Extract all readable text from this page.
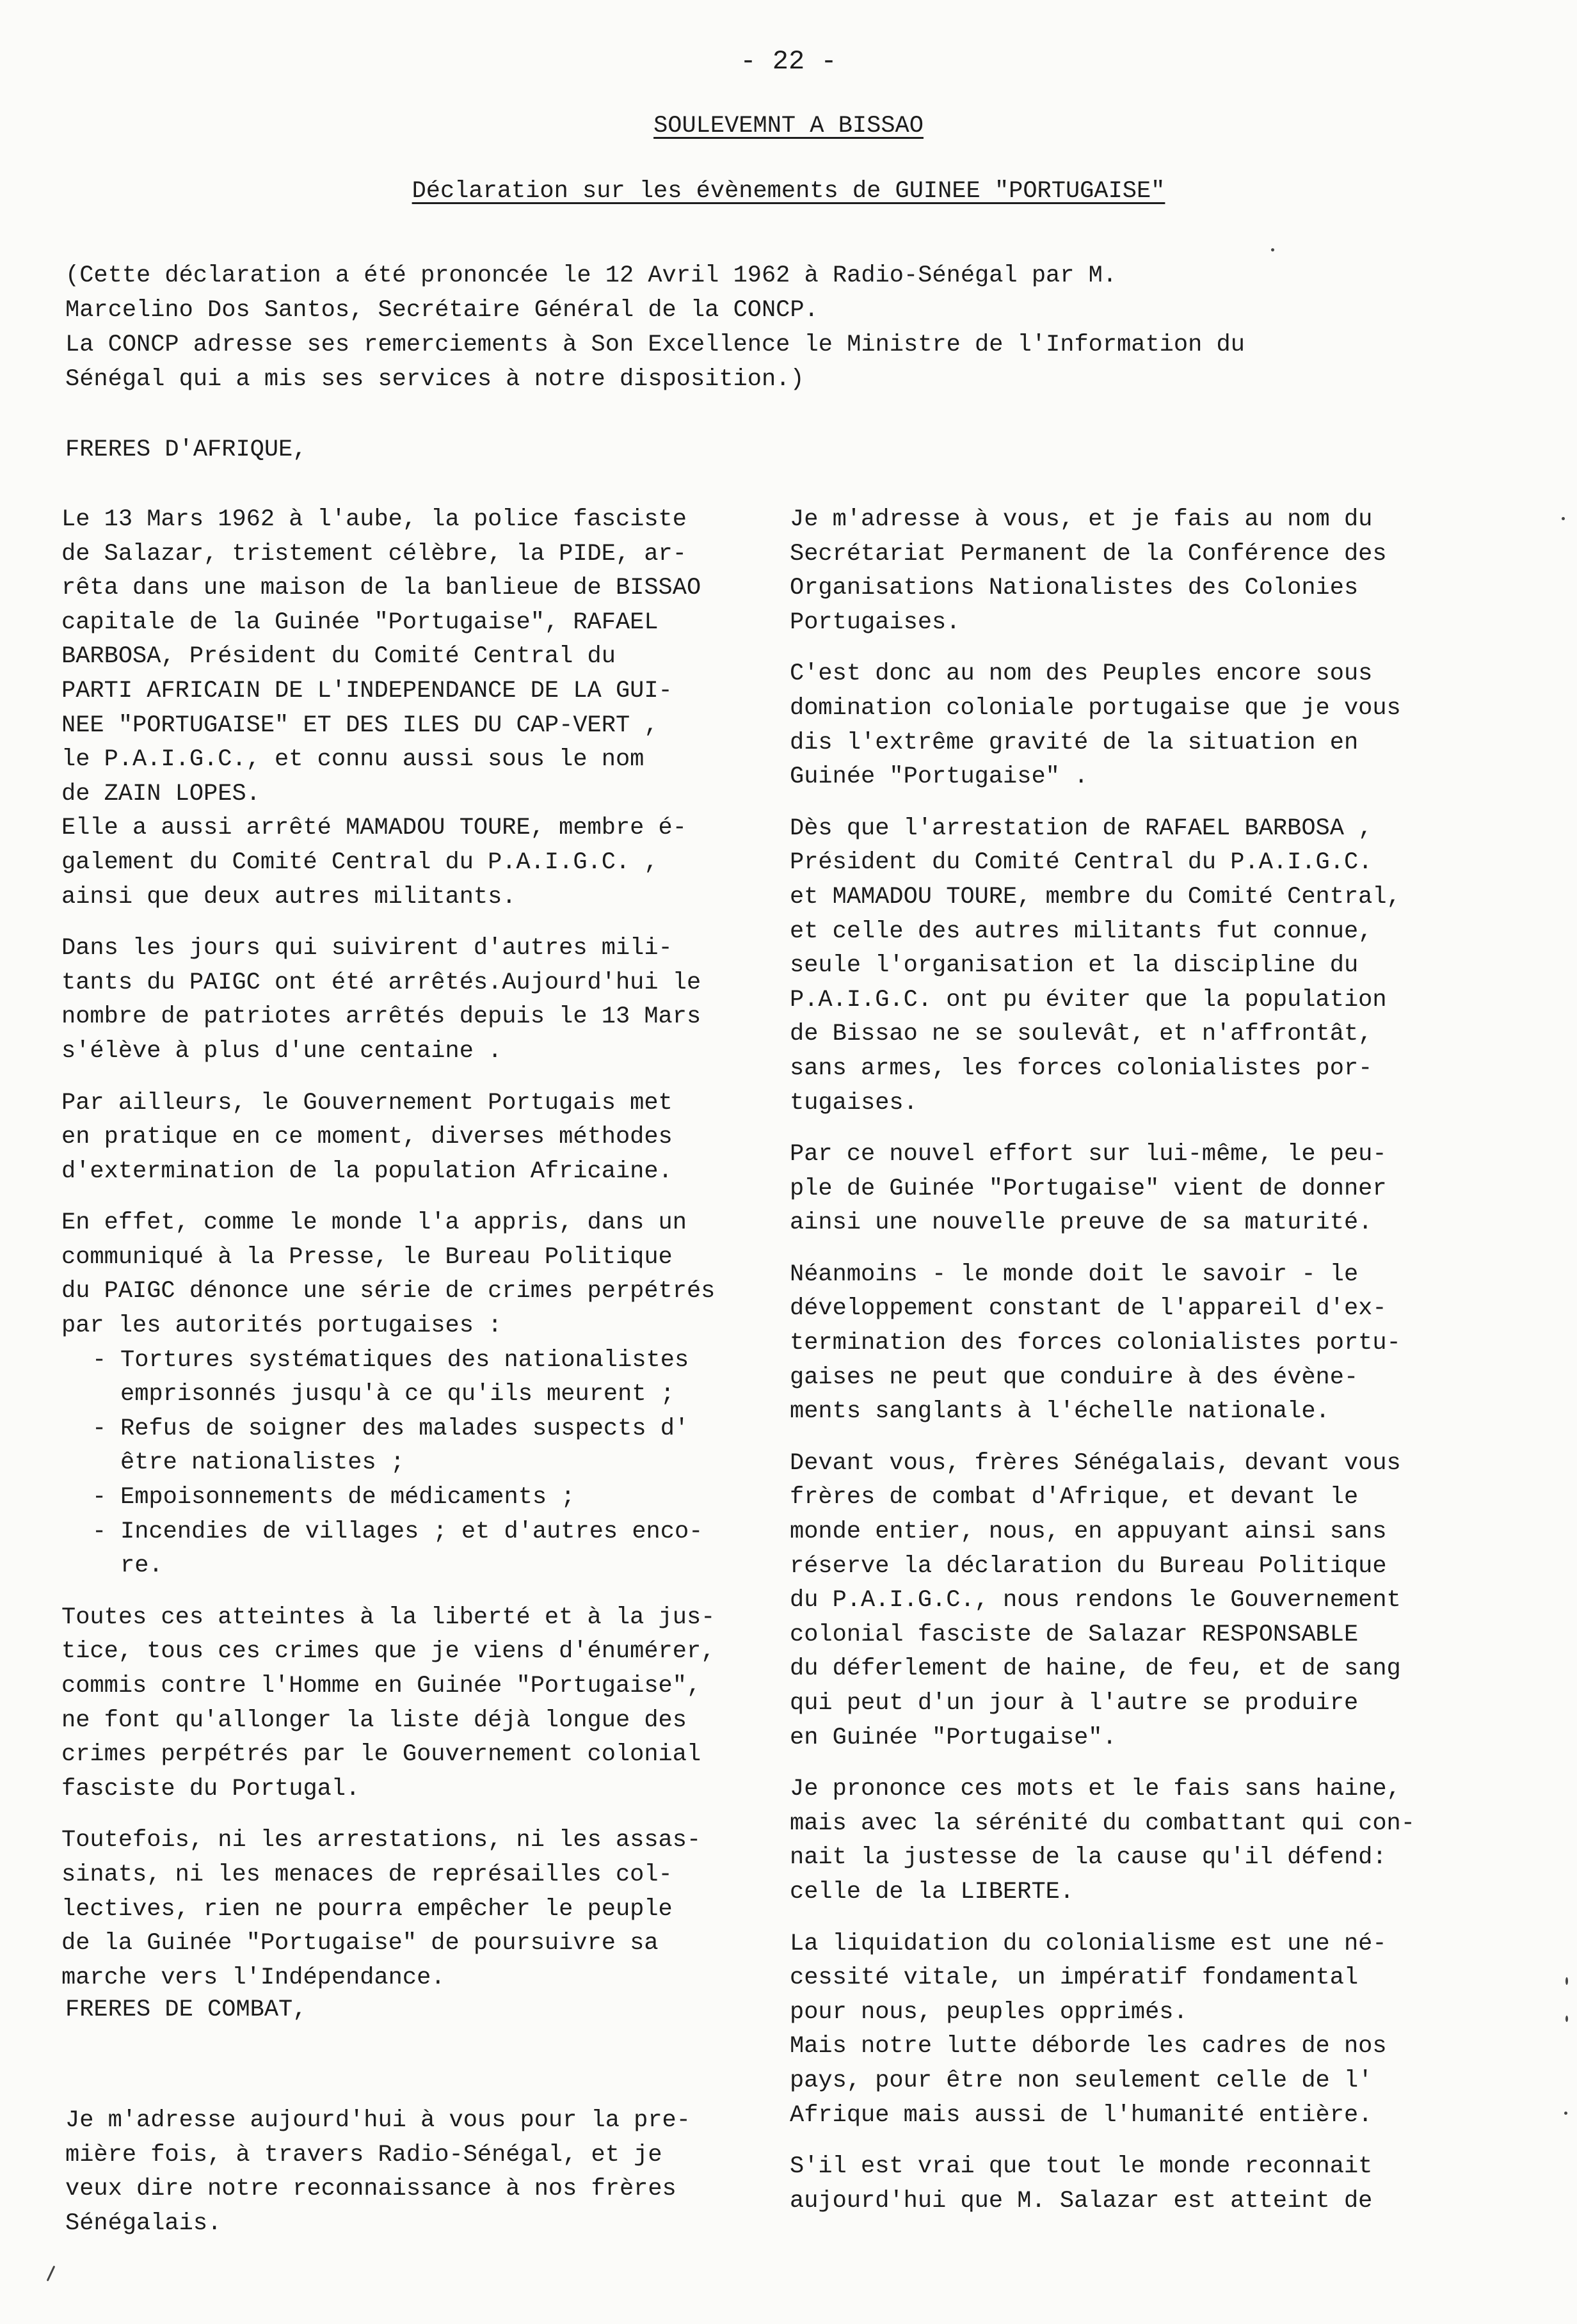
- 22 -
SOULEVEMNT A BISSAO
Déclaration sur les évènements de GUINEE "PORTUGAISE"
(Cette déclaration a été prononcée le 12 Avril 1962 à Radio-Sénégal par M.
Marcelino Dos Santos, Secrétaire Général de la CONCP.
La CONCP adresse ses remerciements à Son Excellence le Ministre de l'Information du
Sénégal qui a mis ses services à notre disposition.)
FRERES D'AFRIQUE,

Le 13 Mars 1962 à l'aube, la police fasciste
de Salazar, tristement célèbre, la PIDE, ar-
rêta dans une maison de la banlieue de BISSAO
capitale de la Guinée "Portugaise", RAFAEL
BARBOSA, Président du Comité Central du
PARTI AFRICAIN DE L'INDEPENDANCE DE LA GUI-
NEE "PORTUGAISE" ET DES ILES DU CAP-VERT ,
le P.A.I.G.C., et connu aussi sous le nom
de ZAIN LOPES.
Elle a aussi arrêté MAMADOU TOURE, membre é-
galement du Comité Central du P.A.I.G.C. ,
ainsi que deux autres militants.

Dans les jours qui suivirent d'autres mili-
tants du PAIGC ont été arrêtés.Aujourd'hui le
nombre de patriotes arrêtés depuis le 13 Mars
s'élève à plus d'une centaine .

Par ailleurs, le Gouvernement Portugais met
en pratique en ce moment, diverses méthodes
d'extermination de la population Africaine.

En effet, comme le monde l'a appris, dans un
communiqué à la Presse, le Bureau Politique
du PAIGC dénonce une série de crimes perpétrés
par les autorités portugaises :

- Tortures systématiques des nationalistes
emprisonnés jusqu'à ce qu'ils meurent ;
- Refus de soigner des malades suspects d'
être nationalistes ;
- Empoisonnements de médicaments ;
- Incendies de villages ; et d'autres enco-
re.

Toutes ces atteintes à la liberté et à la jus-
tice, tous ces crimes que je viens d'énumérer,
commis contre l'Homme en Guinée "Portugaise",
ne font qu'allonger la liste déjà longue des
crimes perpétrés par le Gouvernement colonial
fasciste du Portugal.

Toutefois, ni les arrestations, ni les assas-
sinats, ni les menaces de représailles col-
lectives, rien ne pourra empêcher le peuple
de la Guinée "Portugaise" de poursuivre sa
marche vers l'Indépendance.

FRERES DE COMBAT,
Je m'adresse aujourd'hui à vous pour la pre-
mière fois, à travers Radio-Sénégal, et je
veux dire notre reconnaissance à nos frères
Sénégalais.

Je m'adresse à vous, et je fais au nom du
Secrétariat Permanent de la Conférence des
Organisations Nationalistes des Colonies
Portugaises.

C'est donc au nom des Peuples encore sous
domination coloniale portugaise que je vous
dis l'extrême gravité de la situation en
Guinée "Portugaise" .

Dès que l'arrestation de RAFAEL BARBOSA ,
Président du Comité Central du P.A.I.G.C.
et MAMADOU TOURE, membre du Comité Central,
et celle des autres militants fut connue,
seule l'organisation et la discipline du
P.A.I.G.C. ont pu éviter que la population
de Bissao ne se soulevât, et n'affrontât,
sans armes, les forces colonialistes por-
tugaises.

Par ce nouvel effort sur lui-même, le peu-
ple de Guinée "Portugaise" vient de donner
ainsi une nouvelle preuve de sa maturité.

Néanmoins - le monde doit le savoir - le
développement constant de l'appareil d'ex-
termination des forces colonialistes portu-
gaises ne peut que conduire à des évène-
ments sanglants à l'échelle nationale.

Devant vous, frères Sénégalais, devant vous
frères de combat d'Afrique, et devant le
monde entier, nous, en appuyant ainsi sans
réserve la déclaration du Bureau Politique
du P.A.I.G.C., nous rendons le Gouvernement
colonial fasciste de Salazar RESPONSABLE
du déferlement de haine, de feu, et de sang
qui peut d'un jour à l'autre se produire
en Guinée "Portugaise".

Je prononce ces mots et le fais sans haine,
mais avec la sérénité du combattant qui con-
nait la justesse de la cause qu'il défend:
celle de la LIBERTE.

La liquidation du colonialisme est une né-
cessité vitale, un impératif fondamental
pour nous, peuples opprimés.
Mais notre lutte déborde les cadres de nos
pays, pour être non seulement celle de l'
Afrique mais aussi de l'humanité entière.

S'il est vrai que tout le monde reconnait
aujourd'hui que M. Salazar est atteint de
